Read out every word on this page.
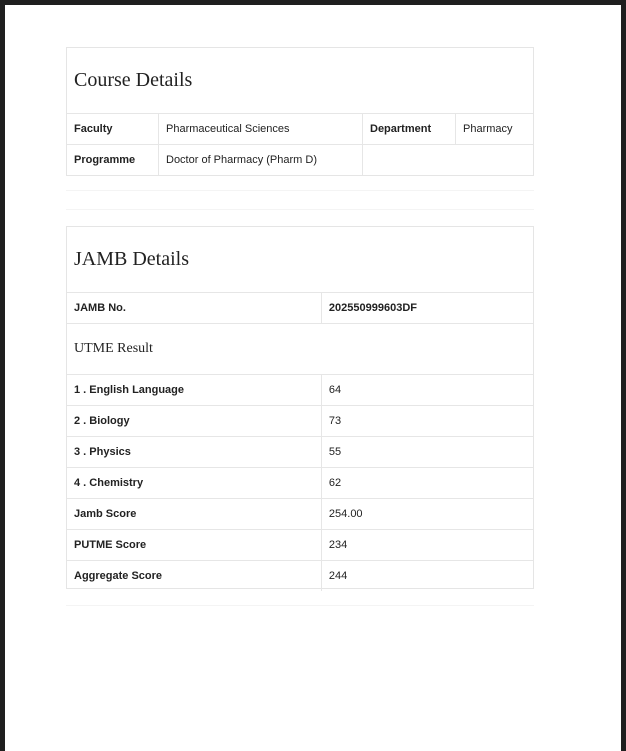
Course Details
Faculty	Pharmaceutical Sciences	Department	Pharmacy
Programme	Doctor of Pharmacy (Pharm D)
JAMB Details
JAMB No.	202550999603DF
UTME Result
1 . English Language	64
2 . Biology	73
3 . Physics	55
4 . Chemistry	62
Jamb Score	254.00
PUTME Score	234
Aggregate Score	244
